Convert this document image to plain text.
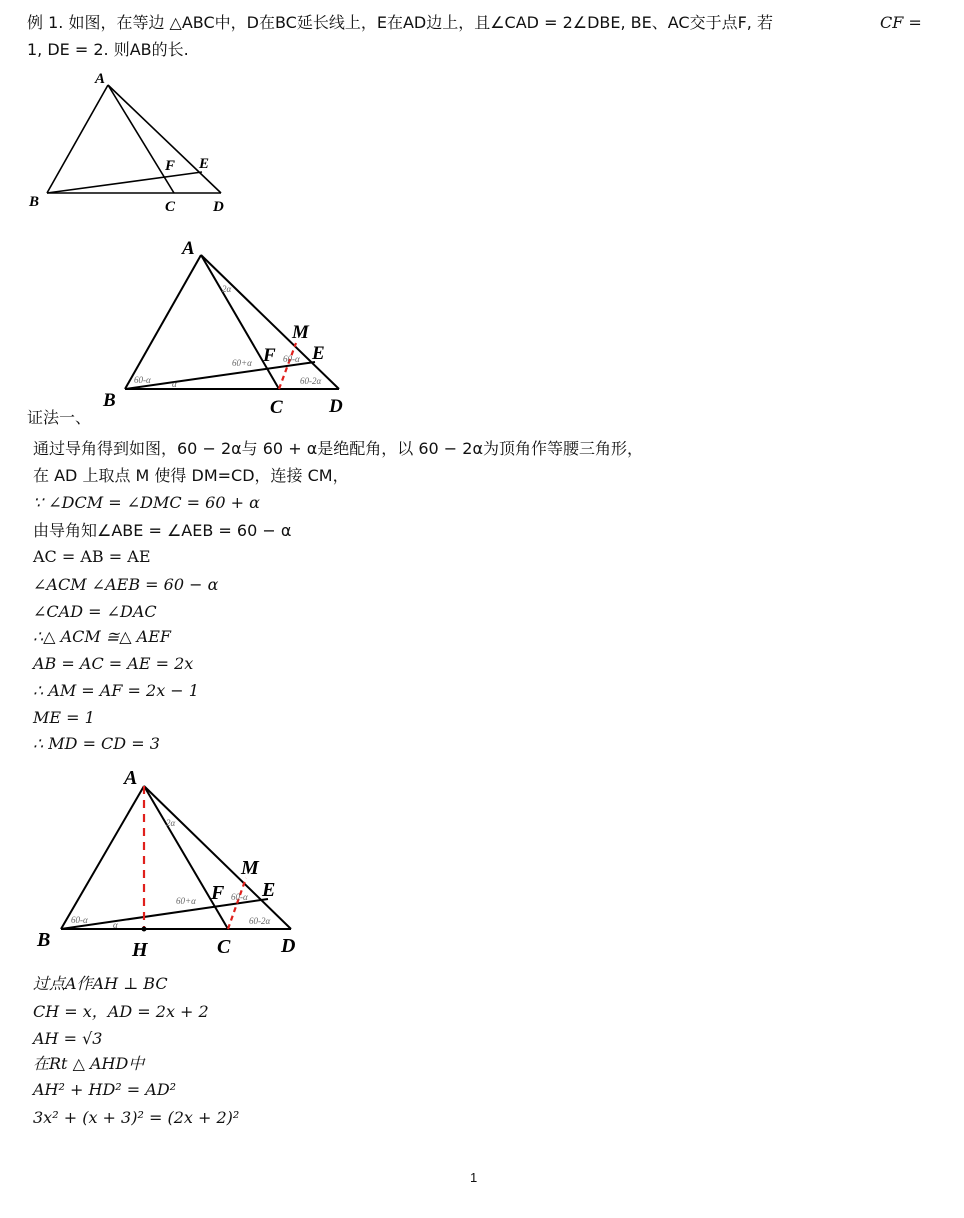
例 1. 如图，在等边 △ABC中，D在BC延长线上，E在AD边上，且∠CAD = 2∠DBE, BE、AC交于点F, 若	CF =
1, DE = 2. 则AB的长.
A
B	C	D
E
F
A
B	C D
E
F
M
2α
60+α	60-α
60-α α	60-2α
证法一、
通过导角得到如图，60 − 2α与 60 + α是绝配角，以 60 − 2α为顶角作等腰三角形，
在 AD 上取点 M 使得 DM=CD，连接 CM，
∵ ∠DCM = ∠DMC = 60 + α
由导角知∠ABE = ∠AEB = 60 − α
AC = AB = AE
∠ACM ∠AEB = 60 − α
∠CAD = ∠DAC
∴△ ACM ≅△ AEF
AB = AC = AE = 2x
∴ AM = AF = 2x − 1
ME = 1
∴ MD = CD = 3
A
B	C	D
E
F
M
H
2α
60+α	60-α
60-α	α	60-2α
过点A作AH ⊥ BC
CH = x，AD = 2x + 2
AH = √3
在Rt △ AHD中
AH² + HD² = AD²
3x² + (x + 3)² = (2x + 2)²
1
